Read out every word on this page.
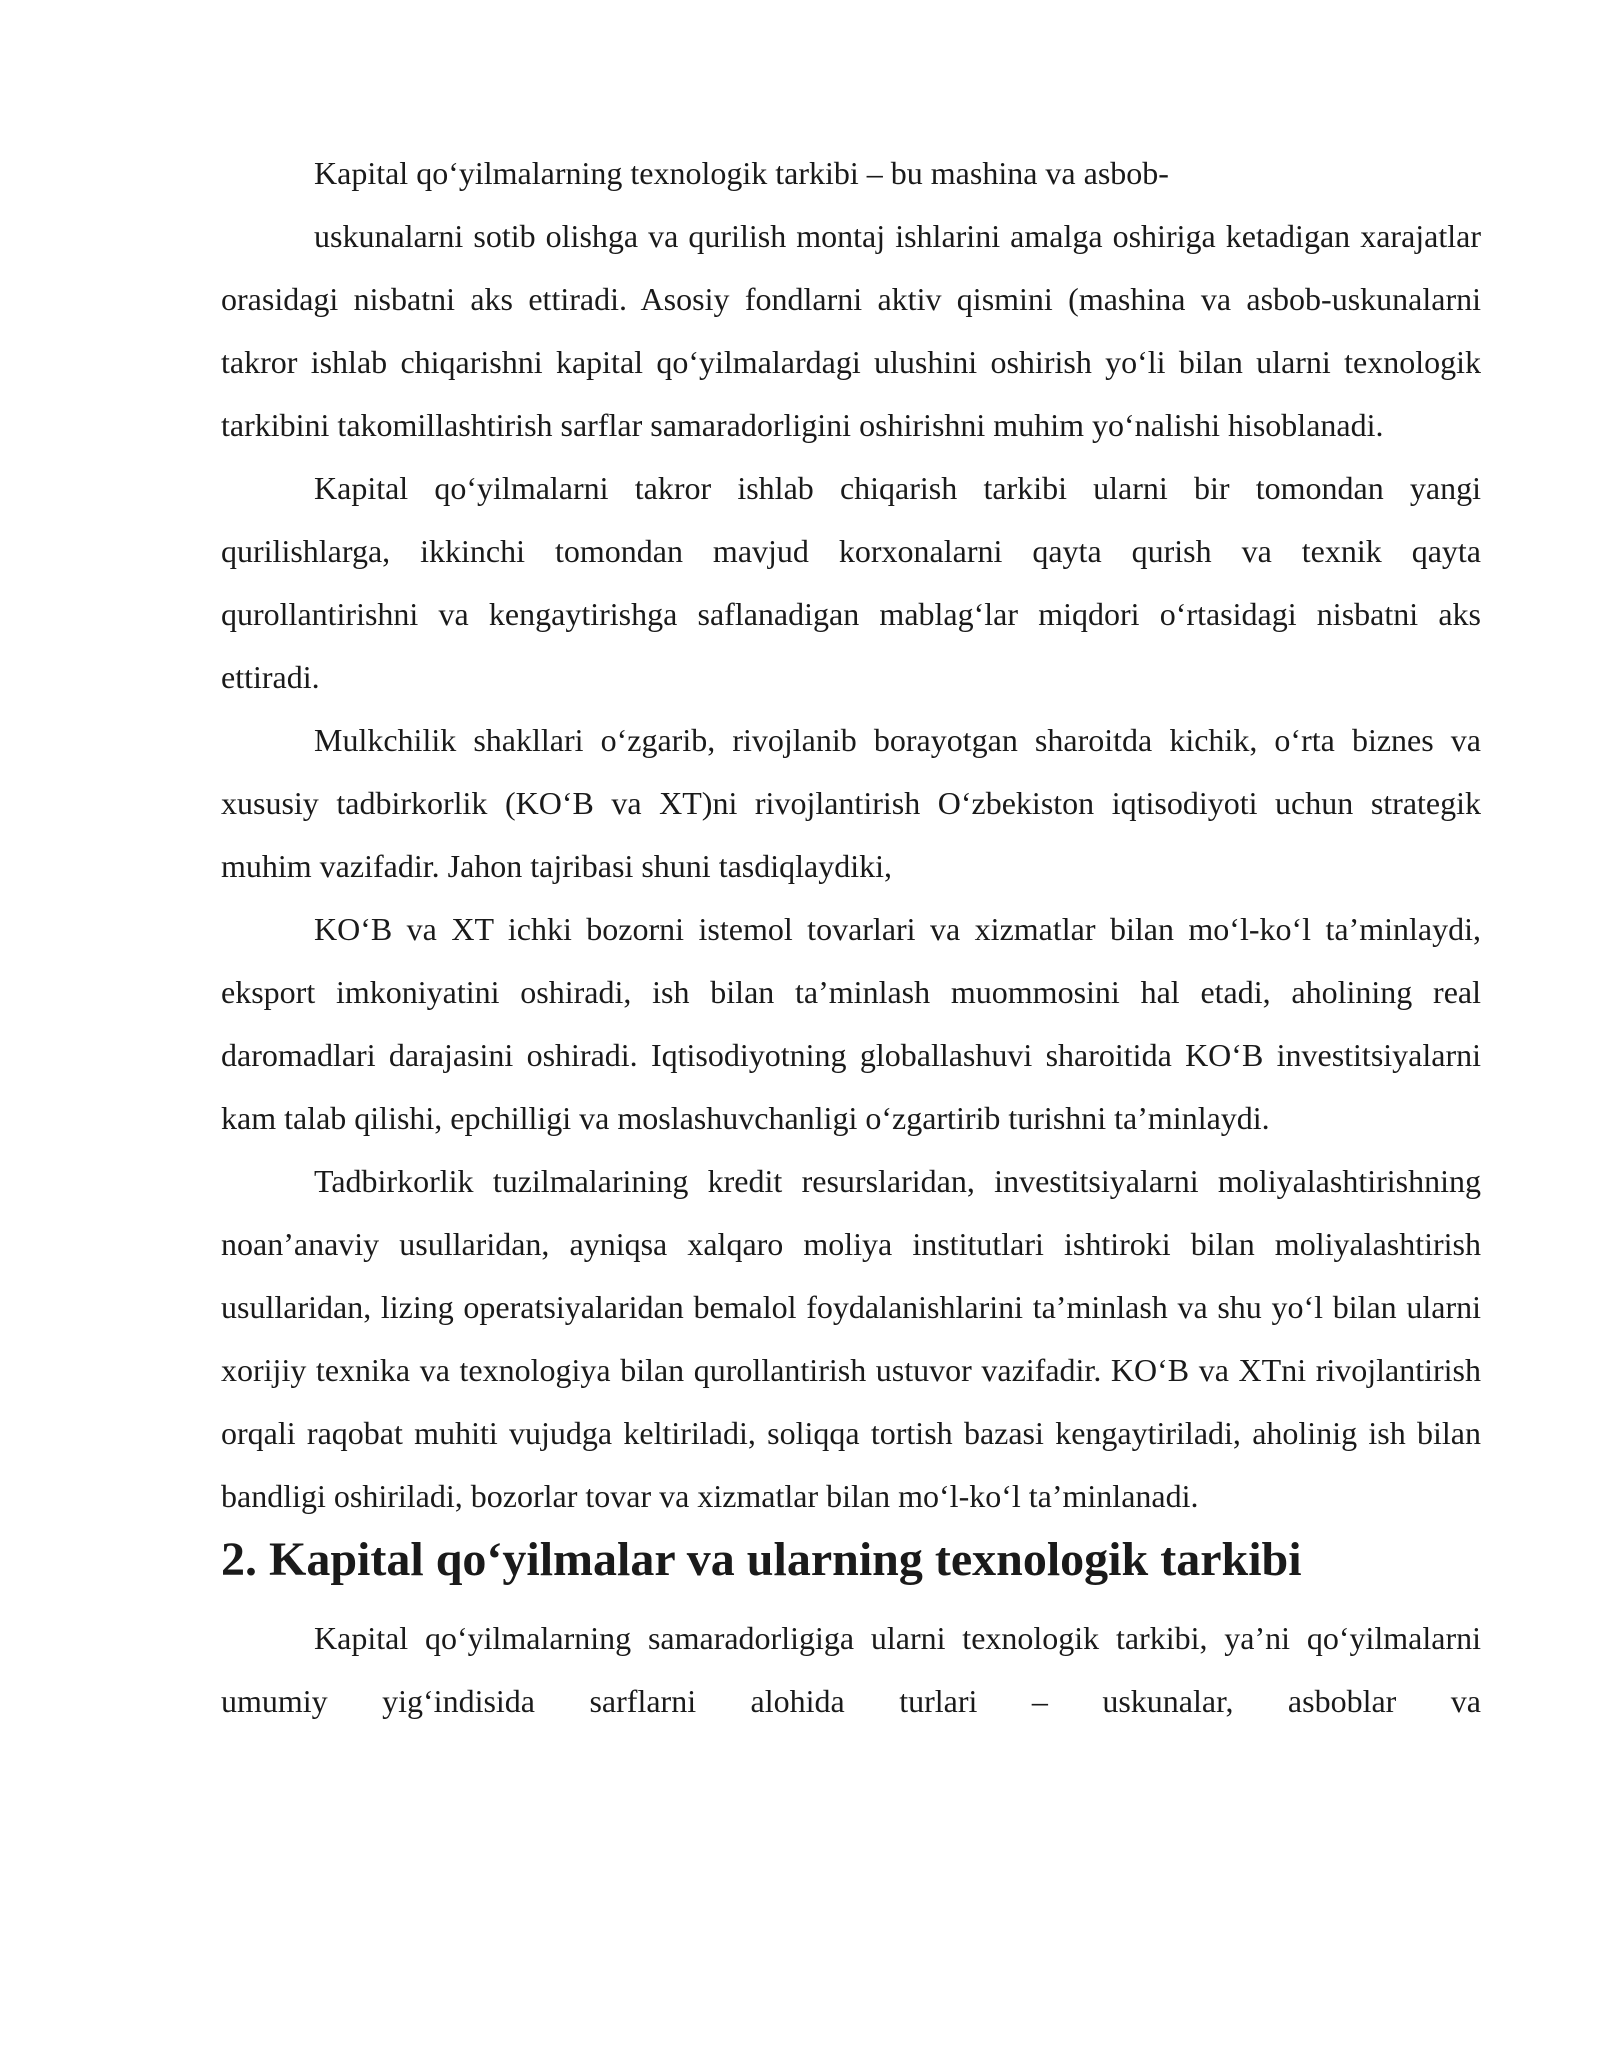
Kapital qo‘yilmalarning texnologik tarkibi – bu mashina va asbob-

uskunalarni sotib olishga va qurilish montaj ishlarini amalga oshiriga ketadigan xarajatlar orasidagi nisbatni aks ettiradi. Asosiy fondlarni aktiv qismini (mashina va asbob-uskunalarni takror ishlab chiqarishni kapital qo‘yilmalardagi ulushini oshirish yo‘li bilan ularni texnologik tarkibini takomillashtirish sarflar samaradorligini oshirishni muhim yo‘nalishi hisoblanadi.

Kapital qo‘yilmalarni takror ishlab chiqarish tarkibi ularni bir tomondan yangi qurilishlarga, ikkinchi tomondan mavjud korxonalarni qayta qurish va texnik qayta qurollantirishni va kengaytirishga saflanadigan mablag‘lar miqdori o‘rtasidagi nisbatni aks ettiradi.

Mulkchilik shakllari o‘zgarib, rivojlanib borayotgan sharoitda kichik, o‘rta biznes va xususiy tadbirkorlik (KO‘B va XT)ni rivojlantirish O‘zbekiston iqtisodiyoti uchun strategik muhim vazifadir. Jahon tajribasi shuni tasdiqlaydiki,

KO‘B va XT ichki bozorni istemol tovarlari va xizmatlar bilan mo‘l-ko‘l ta’minlaydi, eksport imkoniyatini oshiradi, ish bilan ta’minlash muommosini hal etadi, aholining real daromadlari darajasini oshiradi. Iqtisodiyotning globallashuvi sharoitida KO‘B investitsiyalarni kam talab qilishi, epchilligi va moslashuvchanligi o‘zgartirib turishni ta’minlaydi.

Tadbirkorlik tuzilmalarining kredit resurslaridan, investitsiyalarni moliyalashtirishning noan’anaviy usullaridan, ayniqsa xalqaro moliya institutlari ishtiroki bilan moliyalashtirish usullaridan, lizing operatsiyalaridan bemalol foydalanishlarini ta’minlash va shu yo‘l bilan ularni xorijiy texnika va texnologiya bilan qurollantirish ustuvor vazifadir. KO‘B va XTni rivojlantirish orqali raqobat muhiti vujudga keltiriladi, soliqqa tortish bazasi kengaytiriladi, aholinig ish bilan bandligi oshiriladi, bozorlar tovar va xizmatlar bilan mo‘l-ko‘l ta’minlanadi.

2. Kapital qo‘yilmalar va ularning texnologik tarkibi

Kapital qo‘yilmalarning samaradorligiga ularni texnologik tarkibi, ya’ni qo‘yilmalarni umumiy yig‘indisida sarflarni alohida turlari – uskunalar, asboblar va
